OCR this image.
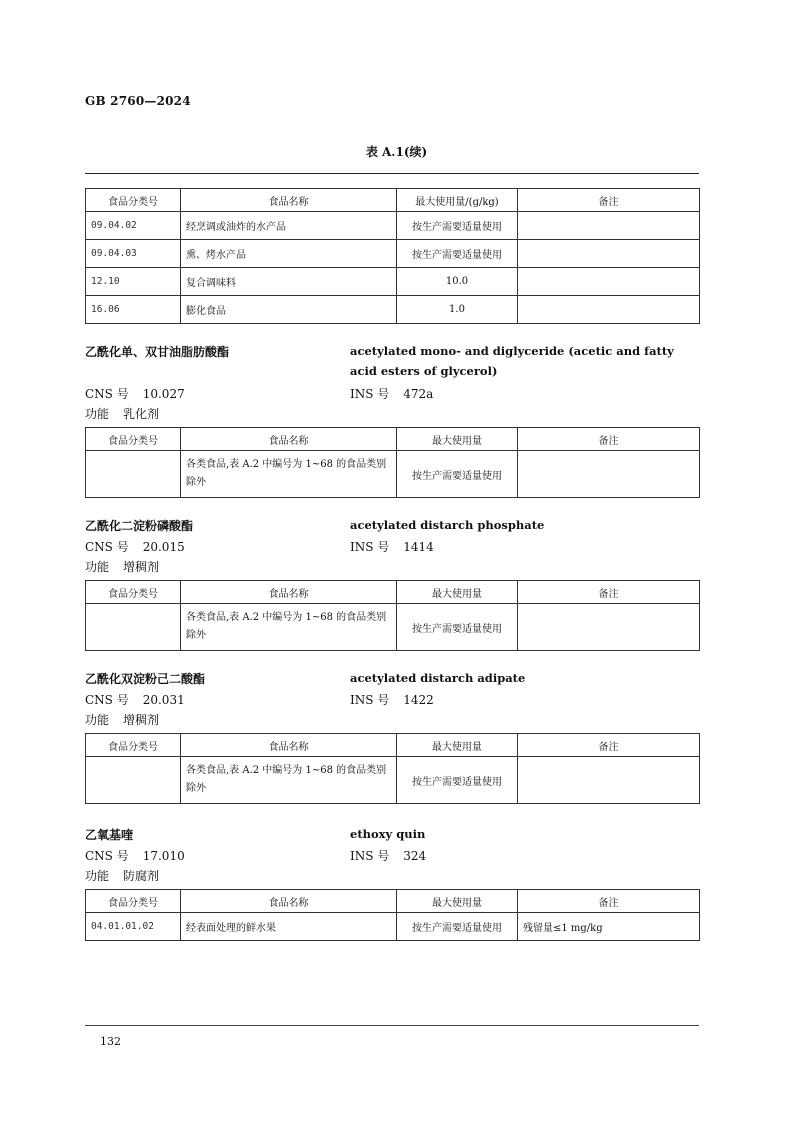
GB 2760—2024
表 A.1(续)
食品分类号	食品名称	最大使用量/(g/kg)	备注
09.04.02	经烹调或油炸的水产品	按生产需要适量使用	
09.04.03	熏、烤水产品	按生产需要适量使用	
12.10	复合调味料	10.0	
16.06	膨化食品	1.0	
乙酰化单、双甘油脂肪酸酯	acetylated mono- and diglyceride (acetic and fatty acid esters of glycerol)
CNS 号 10.027	INS 号 472a
功能 乳化剂
食品分类号	食品名称	最大使用量	备注
	各类食品,表 A.2 中编号为 1~68 的食品类别除外	按生产需要适量使用	
乙酰化二淀粉磷酸酯	acetylated distarch phosphate
CNS 号 20.015	INS 号 1414
功能 增稠剂
食品分类号	食品名称	最大使用量	备注
	各类食品,表 A.2 中编号为 1~68 的食品类别除外	按生产需要适量使用	
乙酰化双淀粉己二酸酯	acetylated distarch adipate
CNS 号 20.031	INS 号 1422
功能 增稠剂
食品分类号	食品名称	最大使用量	备注
	各类食品,表 A.2 中编号为 1~68 的食品类别除外	按生产需要适量使用	
乙氧基喹	ethoxy quin
CNS 号 17.010	INS 号 324
功能 防腐剂
食品分类号	食品名称	最大使用量	备注
04.01.01.02	经表面处理的鲜水果	按生产需要适量使用	残留量≤1 mg/kg
132
